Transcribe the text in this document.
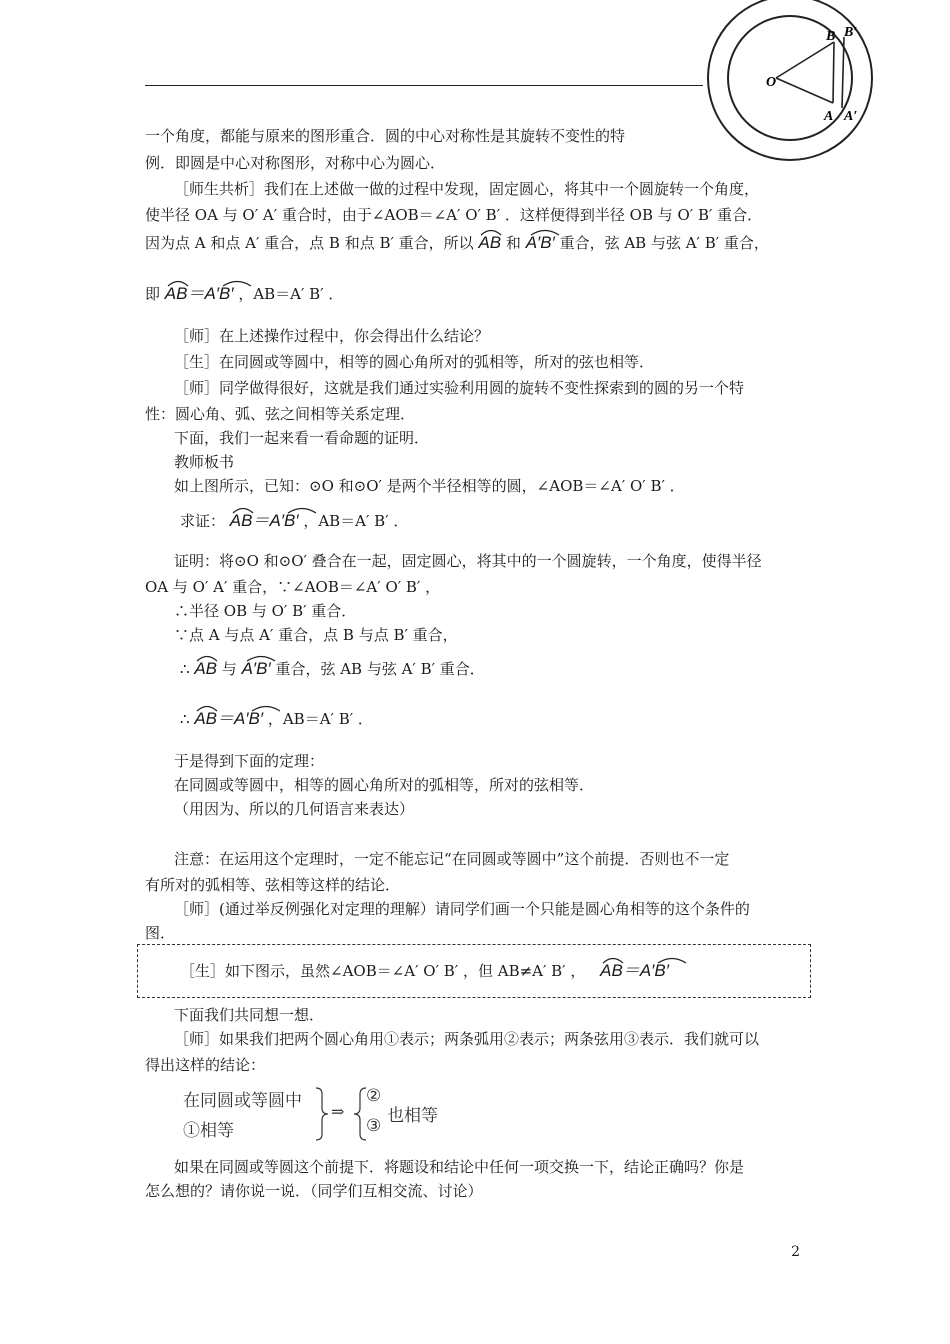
O
B B′
A A′
一个角度，都能与原来的图形重合．圆的中心对称性是其旋转不变性的特
例．即圆是中心对称图形，对称中心为圆心．
［师生共析］我们在上述做一做的过程中发现，固定圆心，将其中一个圆旋转一个角度，
使半径 OA 与 O′ A′ 重合时，由于∠AOB＝∠A′ O′ B′ ．这样便得到半径 OB 与 O′ B′ 重合．
因为点 A 和点 A′ 重合，点 B 和点 B′ 重合，所以 AB 和 A′B′ 重合，弦 AB 与弦 A′ B′ 重合，
即 AB＝A′B′ ，AB＝A′ B′ ．
［师］在上述操作过程中，你会得出什么结论？
［生］在同圆或等圆中，相等的圆心角所对的弧相等，所对的弦也相等．
［师］同学做得很好，这就是我们通过实验利用圆的旋转不变性探索到的圆的另一个特
性：圆心角、弧、弦之间相等关系定理．
下面，我们一起来看一看命题的证明．
教师板书
如上图所示，已知：⊙O 和⊙O′ 是两个半径相等的圆，∠AOB＝∠A′ O′ B′ ．
求证： AB＝A′B′ ，AB＝A′ B′ ．
证明：将⊙O 和⊙O′ 叠合在一起，固定圆心，将其中的一个圆旋转，一个角度，使得半径
OA 与 O′ A′ 重合，∵∠AOB＝∠A′ O′ B′ ，
∴半径 OB 与 O′ B′ 重合．
∵点 A 与点 A′ 重合，点 B 与点 B′ 重合，
∴ AB 与 A′B′ 重合，弦 AB 与弦 A′ B′ 重合．
∴ AB＝A′B′ ，AB＝A′ B′ ．
于是得到下面的定理：
在同圆或等圆中，相等的圆心角所对的弧相等，所对的弦相等．
（用因为、所以的几何语言来表达）
注意：在运用这个定理时，一定不能忘记“在同圆或等圆中”这个前提．否则也不一定
有所对的弧相等、弦相等这样的结论．
［师］(通过举反例强化对定理的理解）请同学们画一个只能是圆心角相等的这个条件的
图．
［生］如下图示，虽然∠AOB＝∠A′ O′ B′ ，但 AB≠A′ B′ ， AB＝A′B′
下面我们共同想一想．
［师］如果我们把两个圆心角用①表示；两条弧用②表示；两条弦用③表示．我们就可以
得出这样的结论：
在同圆或等圆中
①相等
⇒
②
③
也相等
如果在同圆或等圆这个前提下．将题设和结论中任何一项交换一下，结论正确吗？你是
怎么想的？请你说一说．（同学们互相交流、讨论）
2
